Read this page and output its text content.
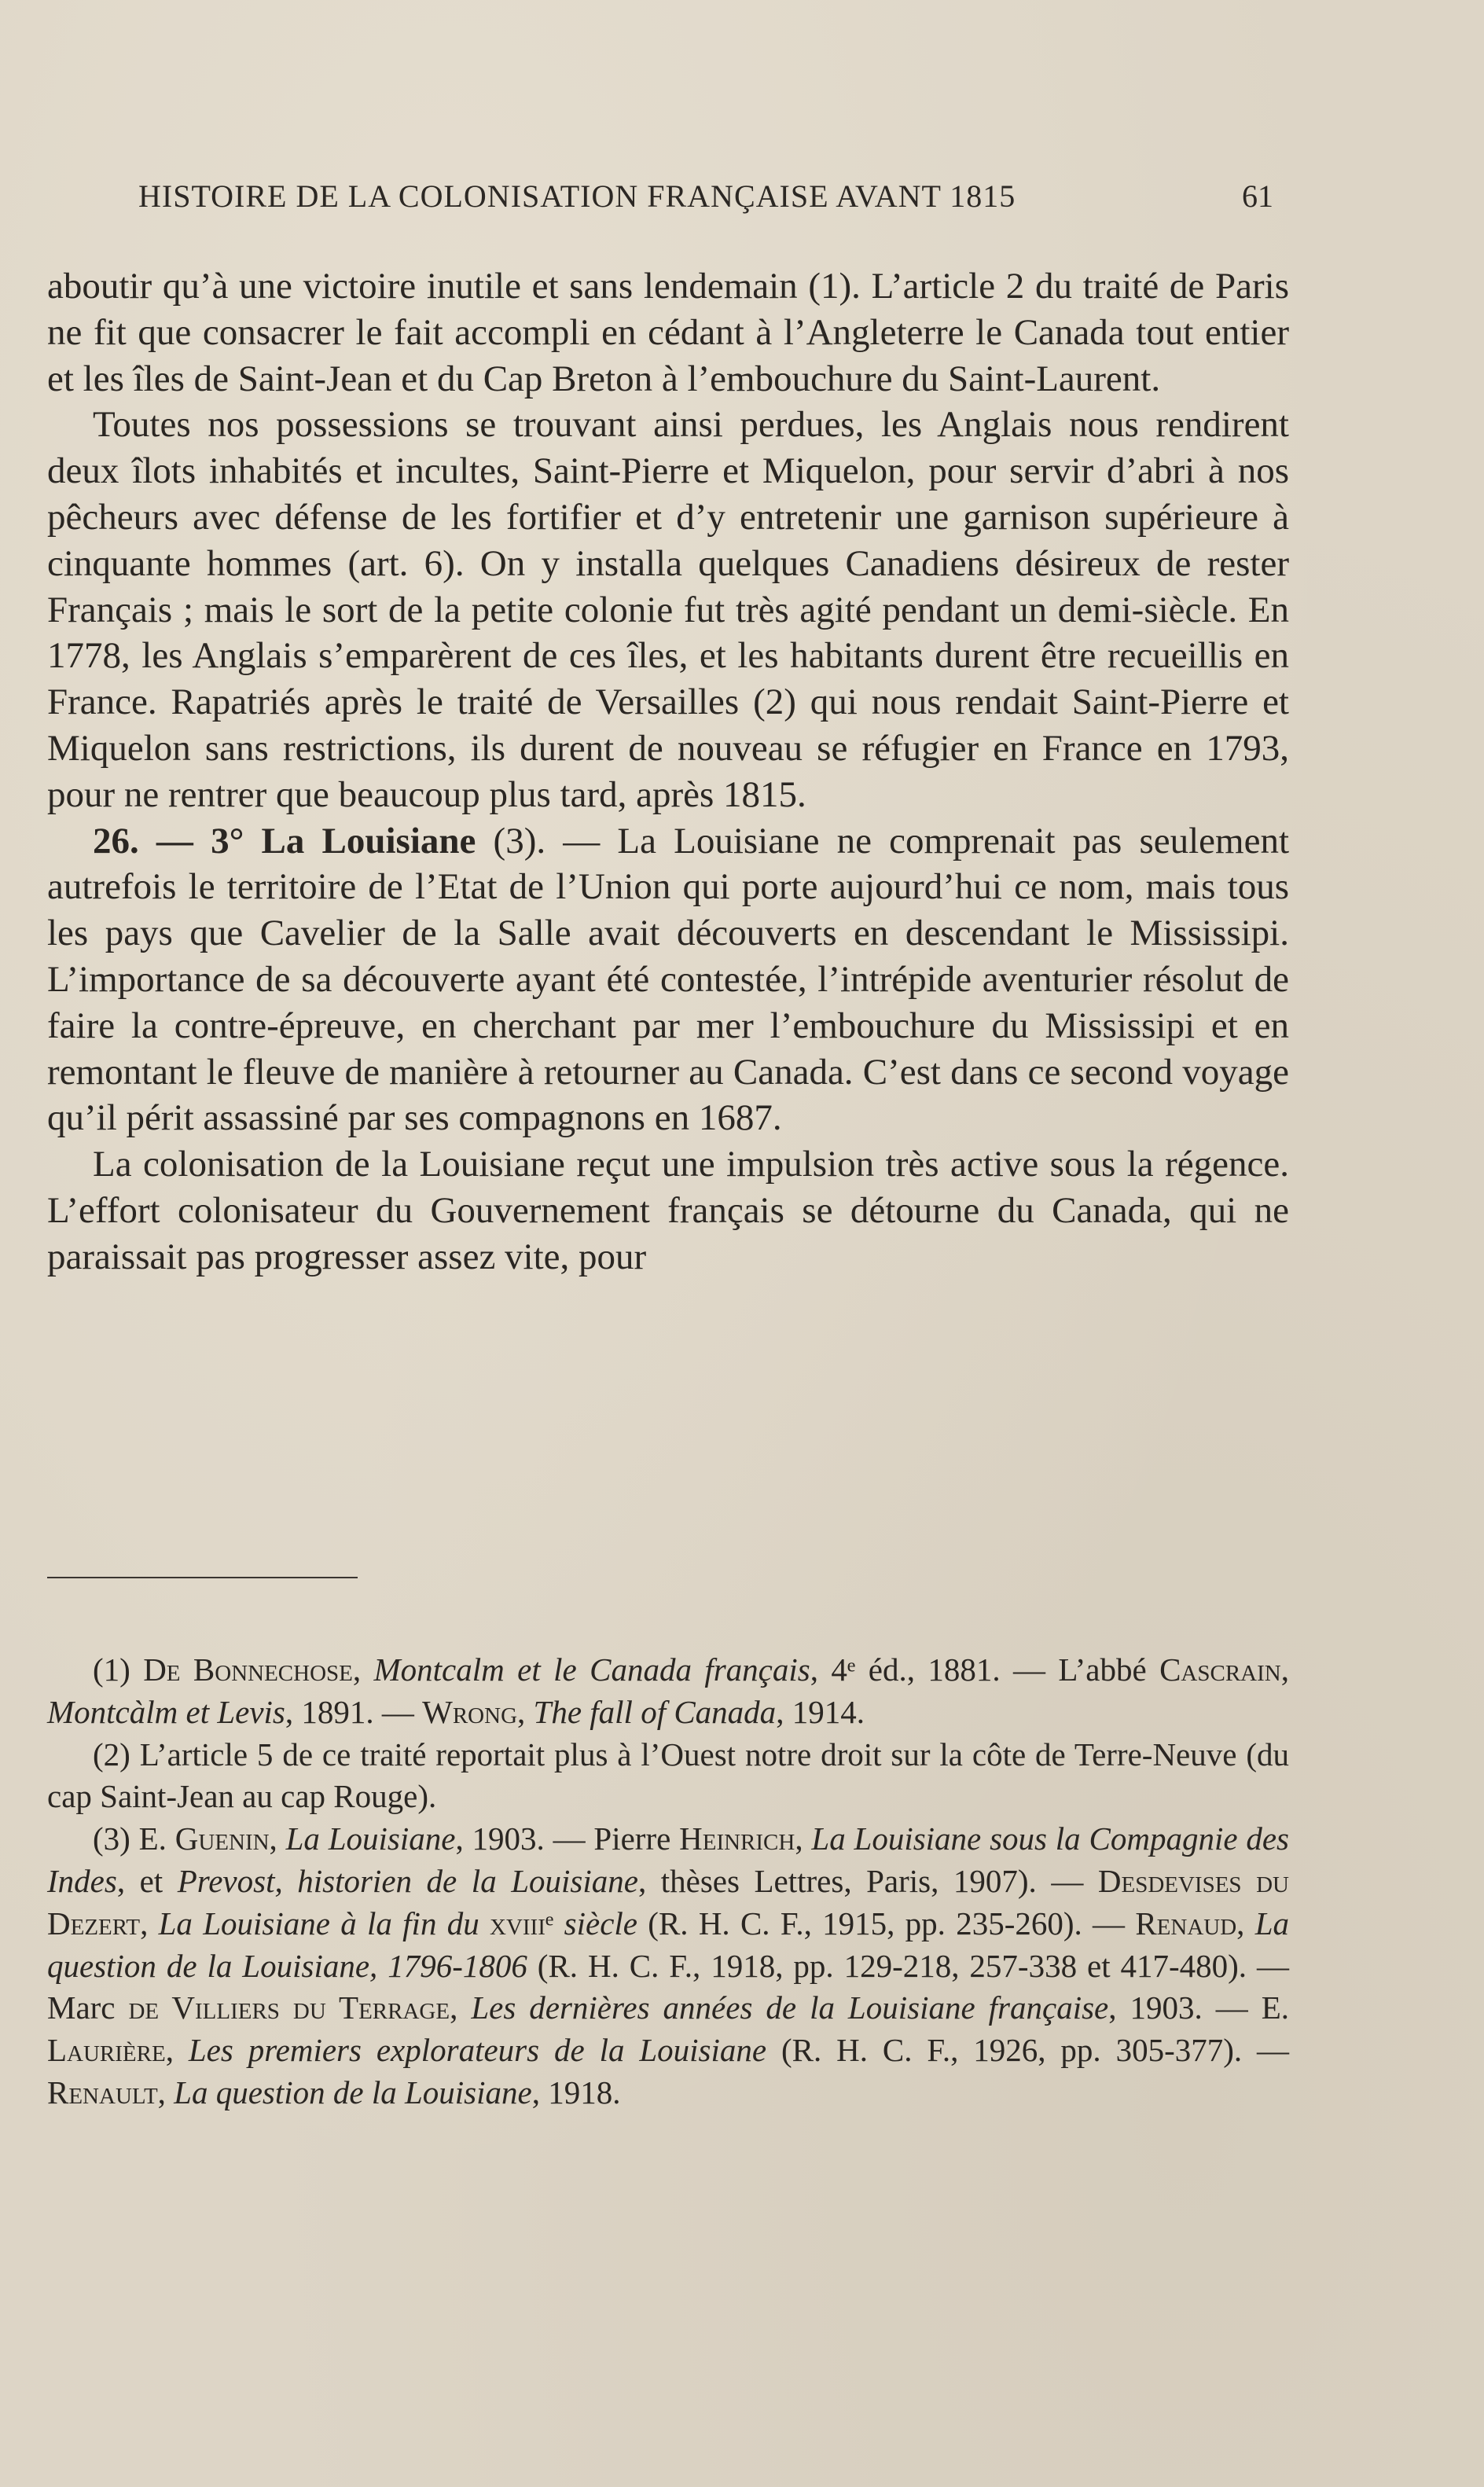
HISTOIRE DE LA COLONISATION FRANÇAISE AVANT 1815	61

aboutir qu’à une victoire inutile et sans lendemain (1). L’article 2 du traité de Paris ne fit que consacrer le fait accompli en cédant à l’Angleterre le Canada tout entier et les îles de Saint-Jean et du Cap Breton à l’embouchure du Saint-Laurent.

Toutes nos possessions se trouvant ainsi perdues, les Anglais nous rendirent deux îlots inhabités et incultes, Saint-Pierre et Miquelon, pour servir d’abri à nos pêcheurs avec défense de les fortifier et d’y entretenir une garnison supérieure à cinquante hommes (art. 6). On y installa quelques Canadiens désireux de rester Français ; mais le sort de la petite colonie fut très agité pendant un demi-siècle. En 1778, les Anglais s’emparèrent de ces îles, et les habitants durent être recueillis en France. Rapatriés après le traité de Versailles (2) qui nous rendait Saint-Pierre et Miquelon sans restrictions, ils durent de nouveau se réfugier en France en 1793, pour ne rentrer que beaucoup plus tard, après 1815.

26. — 3° La Louisiane (3). — La Louisiane ne comprenait pas seulement autrefois le territoire de l’Etat de l’Union qui porte aujourd’hui ce nom, mais tous les pays que Cavelier de la Salle avait découverts en descendant le Mississipi. L’importance de sa découverte ayant été contestée, l’intrépide aventurier résolut de faire la contre-épreuve, en cherchant par mer l’embouchure du Mississipi et en remontant le fleuve de manière à retourner au Canada. C’est dans ce second voyage qu’il périt assassiné par ses compagnons en 1687.

La colonisation de la Louisiane reçut une impulsion très active sous la régence. L’effort colonisateur du Gouvernement français se détourne du Canada, qui ne paraissait pas progresser assez vite, pour

(1) De Bonnechose, Montcalm et le Canada français, 4ᵉ éd., 1881. — L’abbé Cascrain, Montcàlm et Levis, 1891. — Wrong, The fall of Canada, 1914.

(2) L’article 5 de ce traité reportait plus à l’Ouest notre droit sur la côte de Terre-Neuve (du cap Saint-Jean au cap Rouge).

(3) E. Guenin, La Louisiane, 1903. — Pierre Heinrich, La Louisiane sous la Compagnie des Indes, et Prevost, historien de la Louisiane, thèses Lettres, Paris, 1907). — Desdevises du Dezert, La Louisiane à la fin du xviiiᵉ siècle (R. H. C. F., 1915, pp. 235-260). — Renaud, La question de la Louisiane, 1796-1806 (R. H. C. F., 1918, pp. 129-218, 257-338 et 417-480). — Marc de Villiers du Terrage, Les dernières années de la Louisiane française, 1903. — E. Laurière, Les premiers explorateurs de la Louisiane (R. H. C. F., 1926, pp. 305-377). — Renault, La question de la Louisiane, 1918.
